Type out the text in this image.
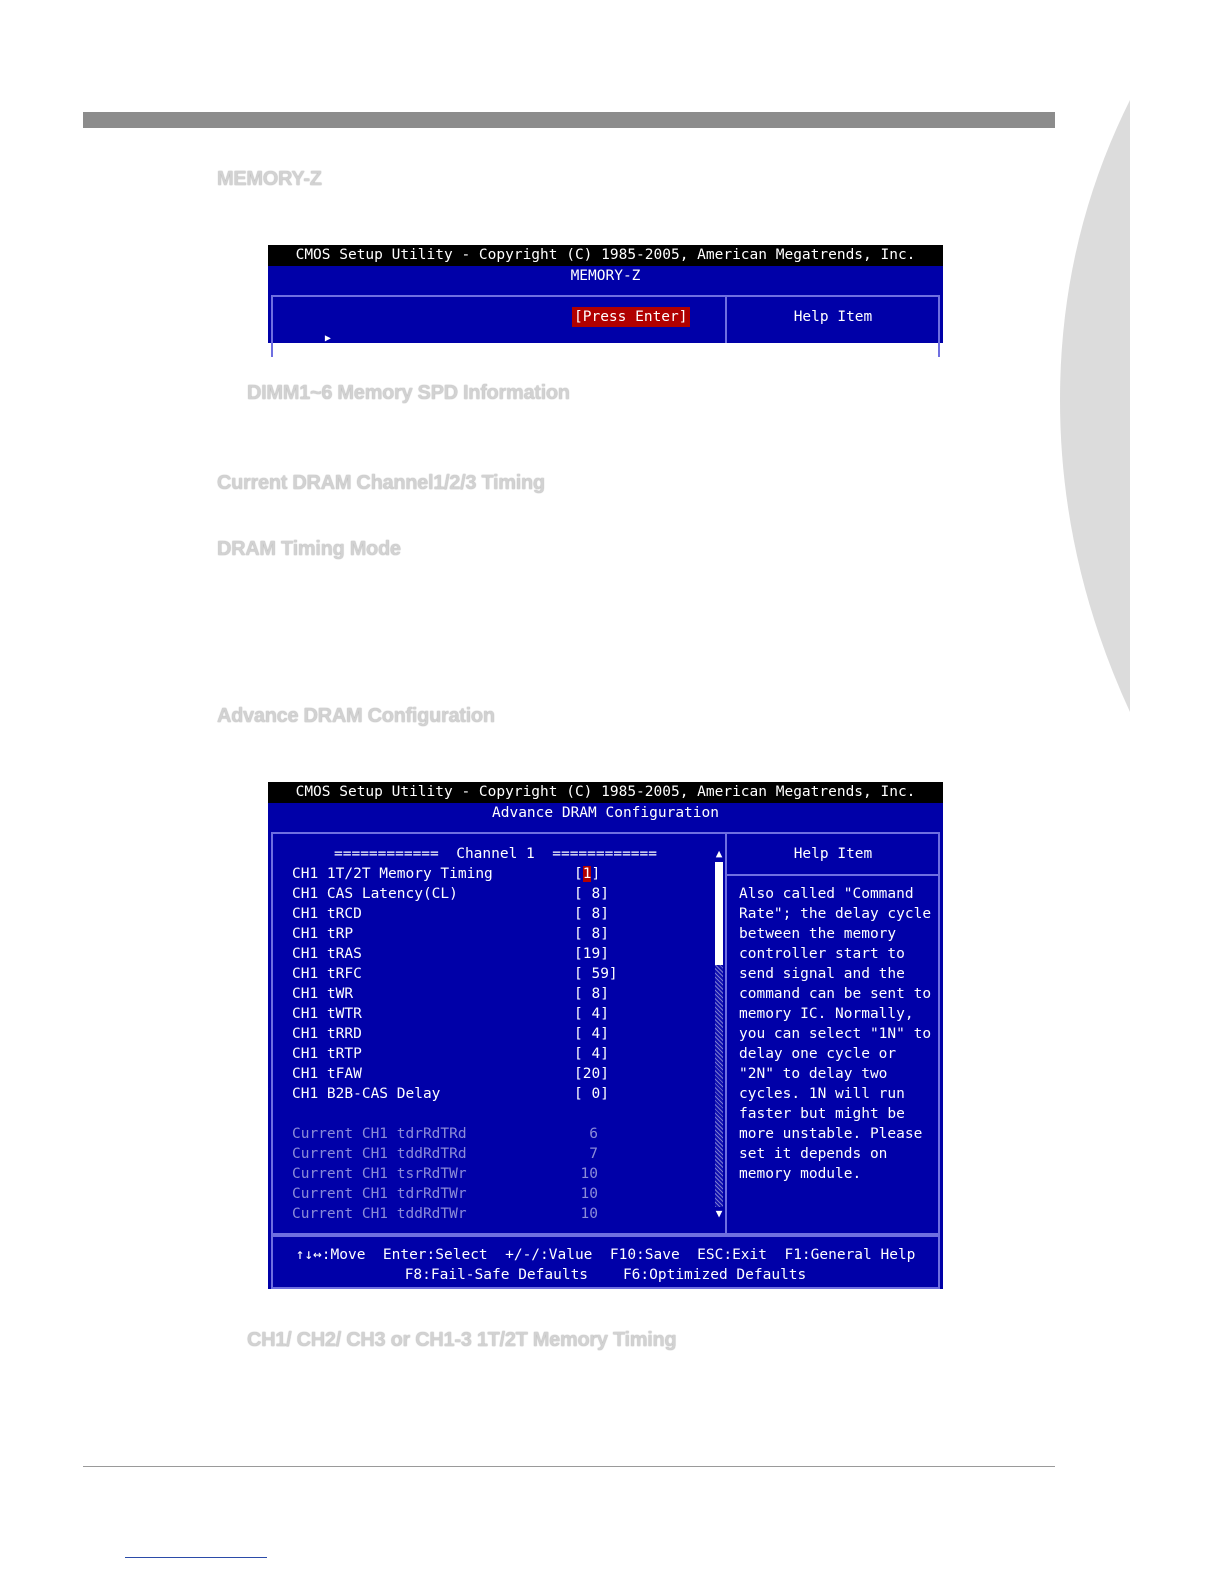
MEMORY-Z
CMOS Setup Utility - Copyright (C) 1985-2005, American Megatrends, Inc.
MEMORY-Z

▶
DIMM1 Memory SPD Information

[Press Enter]	Help Item
DIMM1~6 Memory SPD Information
Current DRAM Channel1/2/3 Timing
DRAM Timing Mode
Advance DRAM Configuration
CMOS Setup Utility - Copyright (C) 1985-2005, American Megatrends, Inc.
Advance DRAM Configuration
============  Channel 1  ============	Help Item
▲
▼
CH1 1T/2T Memory Timing	[1]
CH1 CAS Latency(CL)	[ 8]
CH1 tRCD	[ 8]
CH1 tRP	[ 8]
CH1 tRAS	[19]
CH1 tRFC	[ 59]
CH1 tWR	[ 8]
CH1 tWTR	[ 4]
CH1 tRRD	[ 4]
CH1 tRTP	[ 4]
CH1 tFAW	[20]
CH1 B2B-CAS Delay	[ 0]
Current CH1 tdrRdTRd	6
Current CH1 tddRdTRd	7
Current CH1 tsrRdTWr	10
Current CH1 tdrRdTWr	10
Current CH1 tddRdTWr	10
Also called "Command
Rate"; the delay cycle
between the memory
controller start to
send signal and the
command can be sent to
memory IC. Normally,
you can select "1N" to
delay one cycle or
"2N" to delay two
cycles. 1N will run
faster but might be
more unstable. Please
set it depends on
memory module.
↑↓↔:Move  Enter:Select  +/-/:Value  F10:Save  ESC:Exit  F1:General Help
F8:Fail-Safe Defaults    F6:Optimized Defaults
CH1/ CH2/ CH3 or CH1-3 1T/2T Memory Timing
